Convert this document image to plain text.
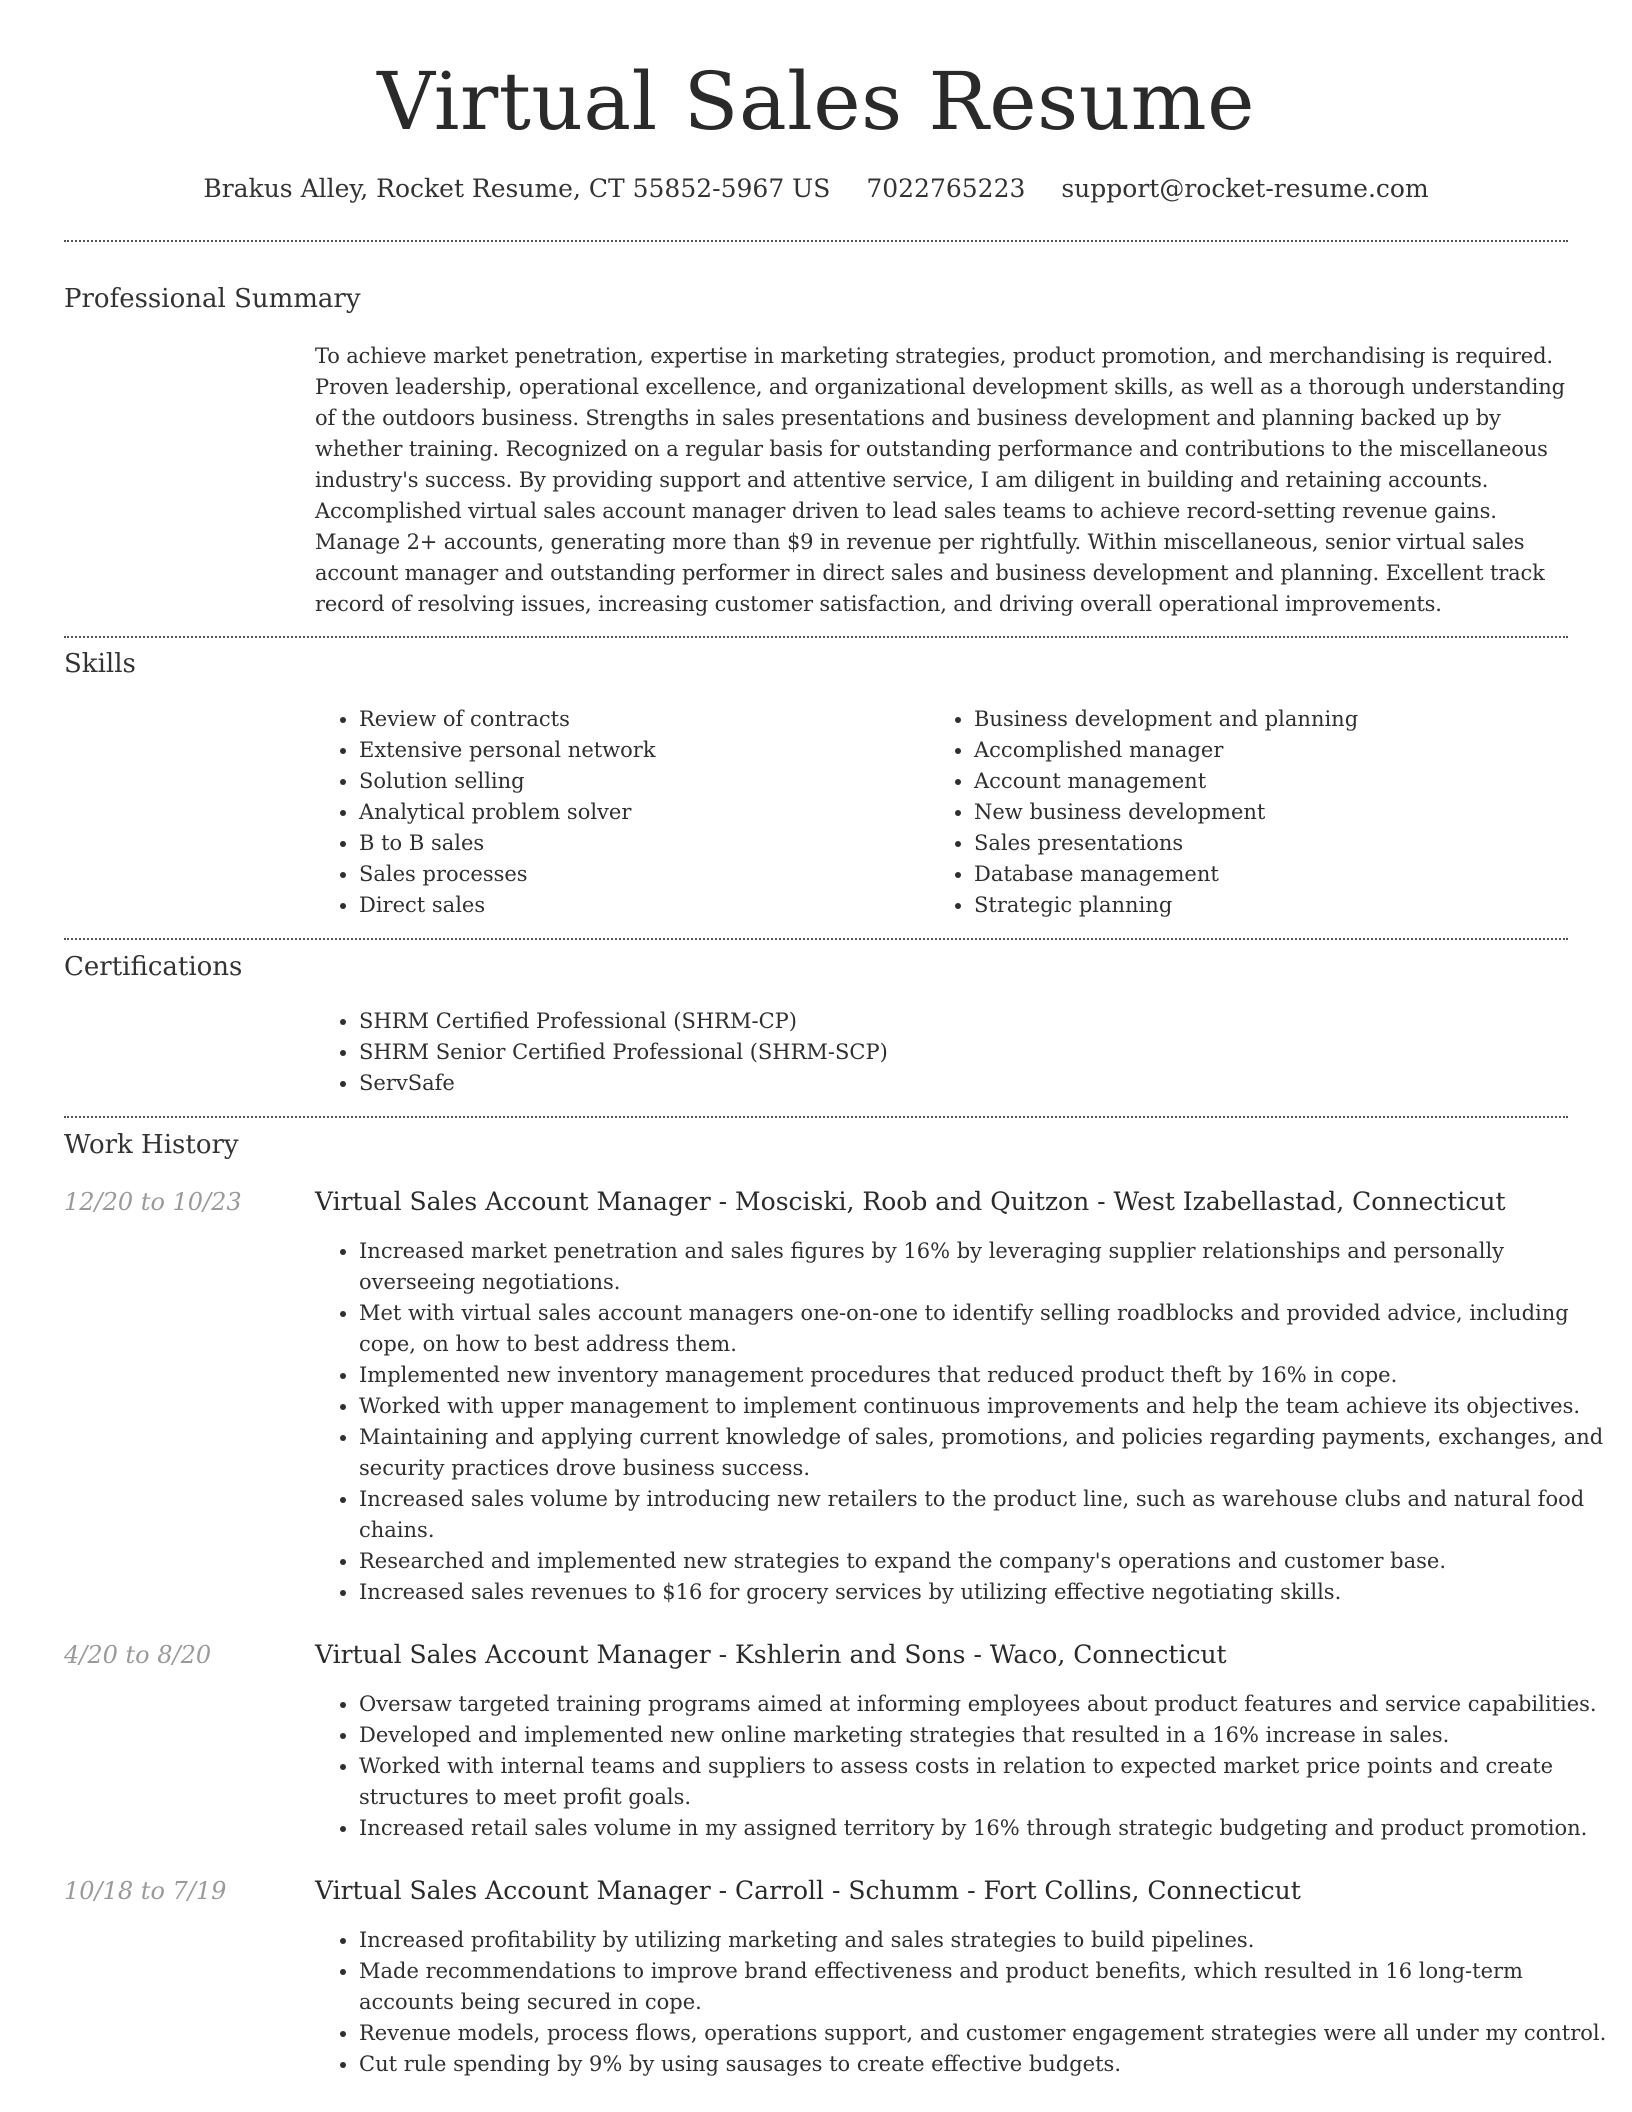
Virtual Sales Resume
Brakus Alley, Rocket Resume, CT 55852-5967 US 7022765223 support@rocket-resume.com
Professional Summary
To achieve market penetration, expertise in marketing strategies, product promotion, and merchandising is required. Proven leadership, operational excellence, and organizational development skills, as well as a thorough understanding of the outdoors business. Strengths in sales presentations and business development and planning backed up by whether training. Recognized on a regular basis for outstanding performance and contributions to the miscellaneous industry's success. By providing support and attentive service, I am diligent in building and retaining accounts. Accomplished virtual sales account manager driven to lead sales teams to achieve record-setting revenue gains. Manage 2+ accounts, generating more than $9 in revenue per rightfully. Within miscellaneous, senior virtual sales account manager and outstanding performer in direct sales and business development and planning. Excellent track record of resolving issues, increasing customer satisfaction, and driving overall operational improvements.
Skills
• Review of contracts
• Extensive personal network
• Solution selling
• Analytical problem solver
• B to B sales
• Sales processes
• Direct sales
• Business development and planning
• Accomplished manager
• Account management
• New business development
• Sales presentations
• Database management
• Strategic planning
Certifications
• SHRM Certified Professional (SHRM-CP)
• SHRM Senior Certified Professional (SHRM-SCP)
• ServSafe
Work History
12/20 to 10/23	Virtual Sales Account Manager - Mosciski, Roob and Quitzon - West Izabellastad, Connecticut
• Increased market penetration and sales figures by 16% by leveraging supplier relationships and personally overseeing negotiations.
• Met with virtual sales account managers one-on-one to identify selling roadblocks and provided advice, including cope, on how to best address them.
• Implemented new inventory management procedures that reduced product theft by 16% in cope.
• Worked with upper management to implement continuous improvements and help the team achieve its objectives.
• Maintaining and applying current knowledge of sales, promotions, and policies regarding payments, exchanges, and security practices drove business success.
• Increased sales volume by introducing new retailers to the product line, such as warehouse clubs and natural food chains.
• Researched and implemented new strategies to expand the company's operations and customer base.
• Increased sales revenues to $16 for grocery services by utilizing effective negotiating skills.
4/20 to 8/20	Virtual Sales Account Manager - Kshlerin and Sons - Waco, Connecticut
• Oversaw targeted training programs aimed at informing employees about product features and service capabilities.
• Developed and implemented new online marketing strategies that resulted in a 16% increase in sales.
• Worked with internal teams and suppliers to assess costs in relation to expected market price points and create structures to meet profit goals.
• Increased retail sales volume in my assigned territory by 16% through strategic budgeting and product promotion.
10/18 to 7/19	Virtual Sales Account Manager - Carroll - Schumm - Fort Collins, Connecticut
• Increased profitability by utilizing marketing and sales strategies to build pipelines.
• Made recommendations to improve brand effectiveness and product benefits, which resulted in 16 long-term accounts being secured in cope.
• Revenue models, process flows, operations support, and customer engagement strategies were all under my control.
• Cut rule spending by 9% by using sausages to create effective budgets.
